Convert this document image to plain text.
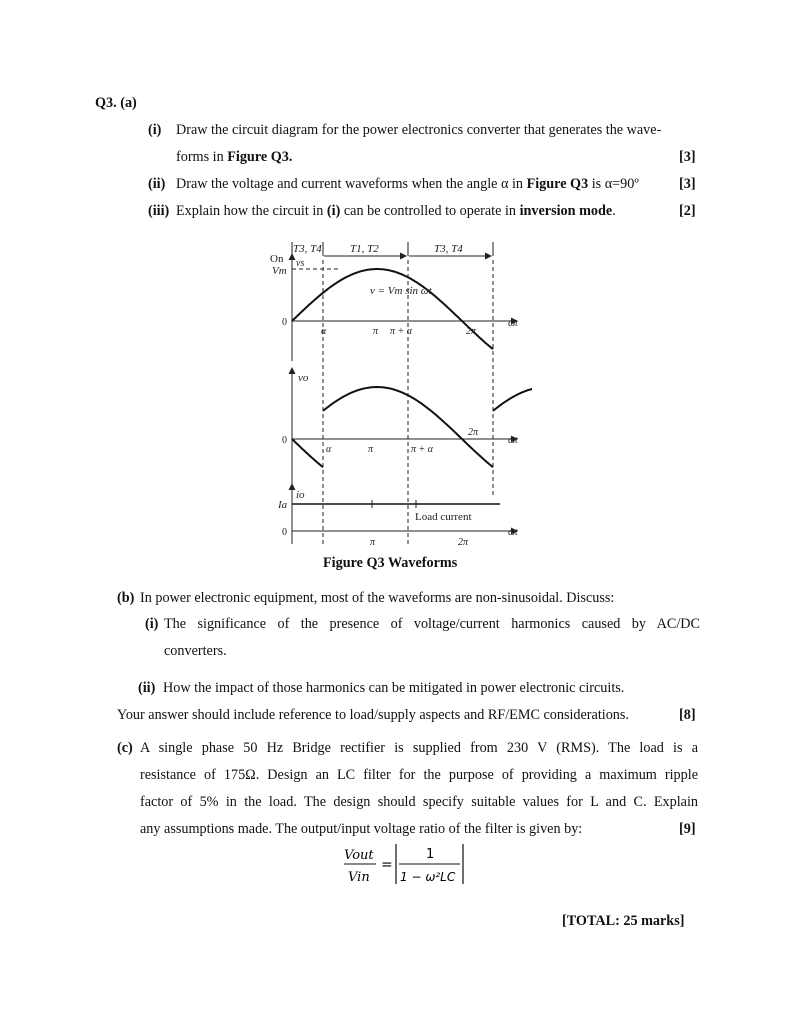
Q3. (a)
(i) Draw the circuit diagram for the power electronics converter that generates the wave-
forms in Figure Q3.	[3]
(ii) Draw the voltage and current waveforms when the angle α in Figure Q3 is α=90º	[3]
(iii) Explain how the circuit in (i) can be controlled to operate in inversion mode.	[2]
T3, T4	T1, T2	T3, T4
On vs
Vm
v = Vm sin ωt
0	ωt
α	π π + α	2π
vo
0
α	π	π + α
2π
ωt
io
Ia
Load current
0
π	2π
ωt
Figure Q3 Waveforms
(b) In power electronic equipment, most of the waveforms are non-sinusoidal. Discuss:
(i) The significance of the presence of voltage/current harmonics caused by AC/DC
converters.
(ii) How the impact of those harmonics can be mitigated in power electronic circuits.
Your answer should include reference to load/supply aspects and RF/EMC considerations.	[8]
(c) A single phase 50 Hz Bridge rectifier is supplied from 230 V (RMS). The load is a
resistance of 175Ω. Design an LC filter for the purpose of providing a maximum ripple
factor of 5% in the load. The design should specify suitable values for L and C. Explain
any assumptions made. The output/input voltage ratio of the filter is given by:	[9]
Vout
Vin
=
1
1 − ω²LC
[TOTAL: 25 marks]
